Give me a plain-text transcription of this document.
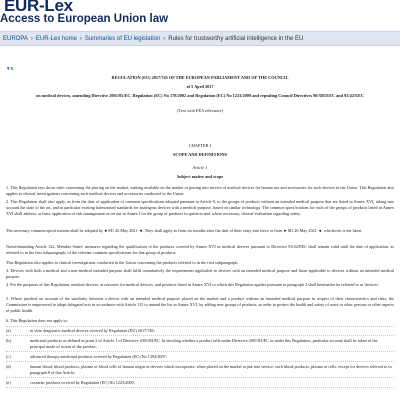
EUR-Lex
Access to European Union law
EUROPA › EUR-Lex home › Summaries of EU legislation › Rules for trustworthy artificial intelligence in the EU
▼B
REGULATION (EU) 2017/745 OF THE EUROPEAN PARLIAMENT AND OF THE COUNCIL
of 5 April 2017
on medical devices, amending Directive 2001/83/EC, Regulation (EC) No 178/2002 and Regulation (EC) No 1223/2009 and repealing Council Directives 90/385/EEC and 93/42/EEC
(Text with EEA relevance)
CHAPTER I
SCOPE AND DEFINITIONS
Article 1
Subject matter and scope
1. This Regulation lays down rules concerning the placing on the market, making available on the market or putting into service of medical devices for human use and accessories for such devices in the Union. This Regulation also applies to clinical investigations concerning such medical devices and accessories conducted in the Union.
2. This Regulation shall also apply, as from the date of application of common specifications adopted pursuant to Article 9, to the groups of products without an intended medical purpose that are listed in Annex XVI, taking into account the state of the art, and in particular existing harmonised standards for analogous devices with a medical purpose, based on similar technology. The common specifications for each of the groups of products listed in Annex XVI shall address, at least, application of risk management as set out in Annex I for the group of products in question and, where necessary, clinical evaluation regarding safety.
The necessary common specifications shall be adopted by ►M1 26 May 2021 ◄. They shall apply as from six months after the date of their entry into force or from ►M1 26 May 2021 ◄, whichever is the latest.
Notwithstanding Article 122, Member States' measures regarding the qualification of the products covered by Annex XVI as medical devices pursuant to Directive 93/42/EEC shall remain valid until the date of application, as referred to in the first subparagraph, of the relevant common specifications for that group of products.
This Regulation also applies to clinical investigations conducted in the Union concerning the products referred to in the first subparagraph.
3. Devices with both a medical and a non-medical intended purpose shall fulfil cumulatively the requirements applicable to devices with an intended medical purpose and those applicable to devices without an intended medical purpose.
4. For the purposes of this Regulation, medical devices, accessories for medical devices, and products listed in Annex XVI to which this Regulation applies pursuant to paragraph 2 shall hereinafter be referred to as 'devices'.
5. Where justified on account of the similarity between a device with an intended medical purpose placed on the market and a product without an intended medical purpose in respect of their characteristics and risks, the Commission is empowered to adopt delegated acts in accordance with Article 115 to amend the list in Annex XVI, by adding new groups of products, in order to protect the health and safety of users or other persons or other aspects of public health.
6. This Regulation does not apply to:
(a)	in vitro diagnostic medical devices covered by Regulation (EU) 2017/746;
(b)	medicinal products as defined in point 2 of Article 1 of Directive 2001/83/EC. In deciding whether a product falls under Directive 2001/83/EC or under this Regulation, particular account shall be taken of the principal mode of action of the product;
(c)	advanced therapy medicinal products covered by Regulation (EC) No 1394/2007;
(d)	human blood, blood products, plasma or blood cells of human origin or devices which incorporate, when placed on the market or put into service, such blood products, plasma or cells, except for devices referred to in paragraph 8 of this Article;
(e)	cosmetic products covered by Regulation (EC) No 1223/2009;
